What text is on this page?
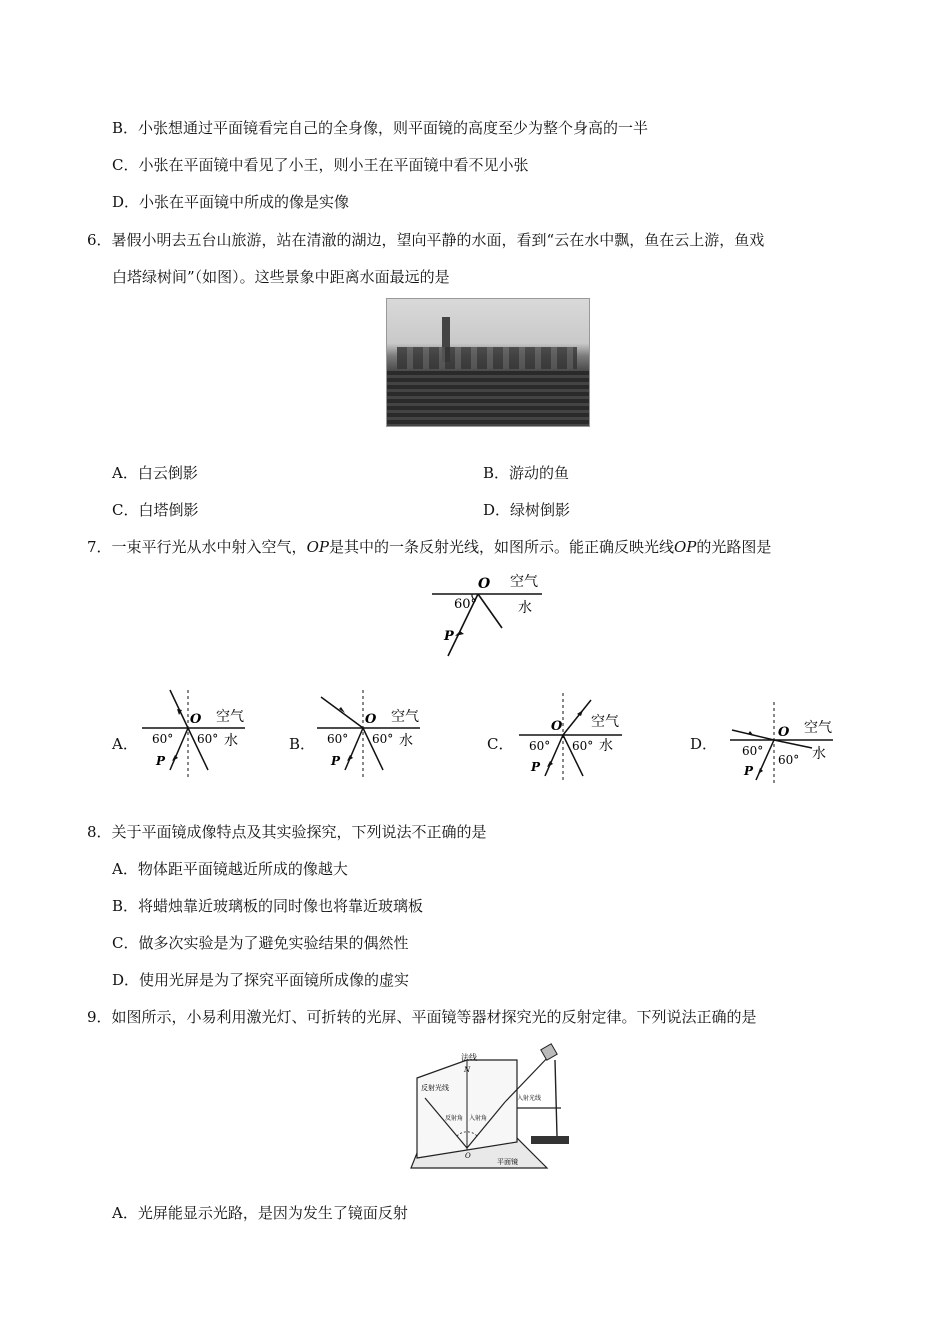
B．小张想通过平面镜看完自己的全身像，则平面镜的高度至少为整个身高的一半
C．小张在平面镜中看见了小王，则小王在平面镜中看不见小张
D．小张在平面镜中所成的像是实像
6．暑假小明去五台山旅游，站在清澈的湖边，望向平静的水面，看到“云在水中飘，鱼在云上游，鱼戏
白塔绿树间”（如图）。这些景象中距离水面最远的是
A．白云倒影	B．游动的鱼
C．白塔倒影	D．绿树倒影
7．一束平行光从水中射入空气，OP是其中的一条反射光线，如图所示。能正确反映光线OP的光路图是
O 空气
水
60°
P
A．
O 空气
水
60° 60°
P
B．
O 空气
水
60° 60°
P
C．
O 空气
水
60° 60°
P
D．
O 空气
水
60°
60°
P
8．关于平面镜成像特点及其实验探究，下列说法不正确的是
A．物体距平面镜越近所成的像越大
B．将蜡烛靠近玻璃板的同时像也将靠近玻璃板
C．做多次实验是为了避免实验结果的偶然性
D．使用光屏是为了探究平面镜所成像的虚实
9．如图所示，小易利用激光灯、可折转的光屏、平面镜等器材探究光的反射定律。下列说法正确的是
法线
N
反射光线
反射角 入射角
入射光线
O
平面镜
A．光屏能显示光路，是因为发生了镜面反射
